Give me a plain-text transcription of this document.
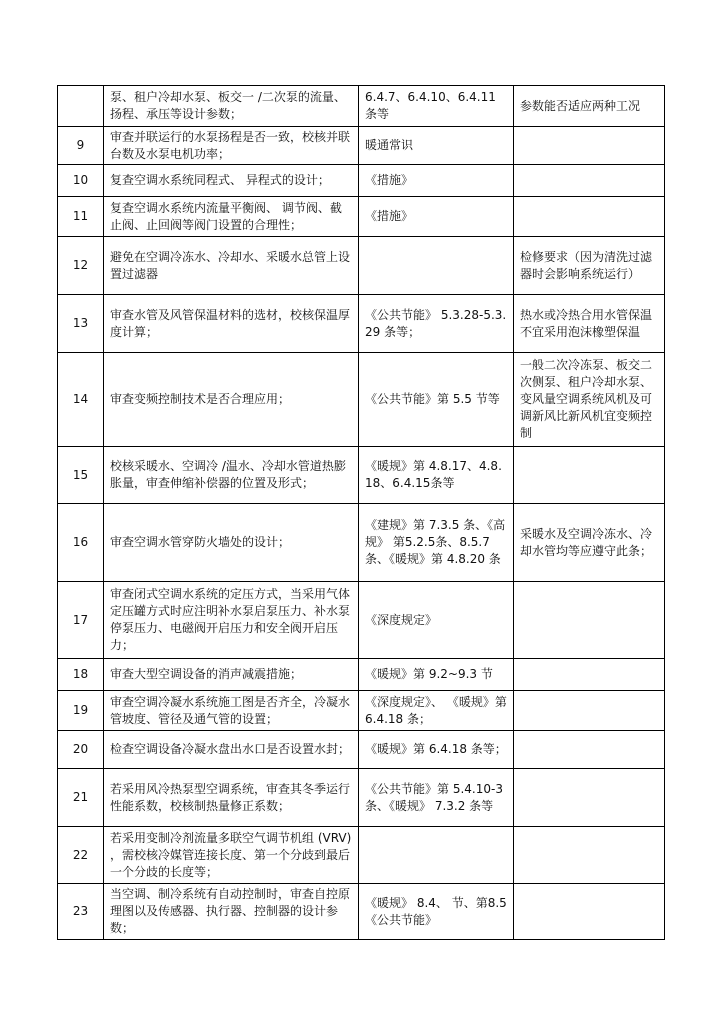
	泵、租户冷却水泵、板交一 /二次泵的流量、扬程、承压等设计参数；	6.4.7、6.4.10、6.4.11 条等	参数能否适应两种工况
9	审查并联运行的水泵扬程是否一致，校核并联台数及水泵电机功率；	暖通常识	
10	复查空调水系统同程式、 异程式的设计；	《措施》	
11	复查空调水系统内流量平衡阀、 调节阀、截止阀、止回阀等阀门设置的合理性；	《措施》	
12	避免在空调冷冻水、冷却水、采暖水总管上设置过滤器		检修要求（因为清洗过滤器时会影响系统运行）
13	审查水管及风管保温材料的选材，校核保温厚度计算；	《公共节能》 5.3.28-5.3.29 条等；	热水或冷热合用水管保温不宜采用泡沫橡塑保温
14	审查变频控制技术是否合理应用；	《公共节能》第 5.5 节等	一般二次冷冻泵、板交二次侧泵、租户冷却水泵、变风量空调系统风机及可调新风比新风机宜变频控制
15	校核采暖水、空调冷 /温水、冷却水管道热膨胀量，审查伸缩补偿器的位置及形式；	《暖规》第 4.8.17、4.8.18、6.4.15条等	
16	审查空调水管穿防火墙处的设计；	《建规》第 7.3.5 条、《高规》 第5.2.5条、8.5.7 条、《暖规》第 4.8.20 条	采暖水及空调冷冻水、冷却水管均等应遵守此条；
17	审查闭式空调水系统的定压方式，当采用气体定压罐方式时应注明补水泵启泵压力、补水泵停泵压力、电磁阀开启压力和安全阀开启压力；	《深度规定》	
18	审查大型空调设备的消声减震措施；	《暖规》第 9.2~9.3 节	
19	审查空调冷凝水系统施工图是否齐全，冷凝水管坡度、管径及通气管的设置；	《深度规定》、 《暖规》第 6.4.18 条；	
20	检查空调设备冷凝水盘出水口是否设置水封；	《暖规》第 6.4.18 条等；	
21	若采用风冷热泵型空调系统，审查其冬季运行性能系数，校核制热量修正系数；	《公共节能》第 5.4.10-3 条、《暖规》 7.3.2 条等	
22	若采用变制冷剂流量多联空气调节机组 (VRV) ，需校核冷媒管连接长度、第一个分歧到最后一个分歧的长度等；		
23	当空调、制冷系统有自动控制时，审查自控原理图以及传感器、执行器、控制器的设计参数；	《暖规》 8.4、 节、第8.5《公共节能》	
